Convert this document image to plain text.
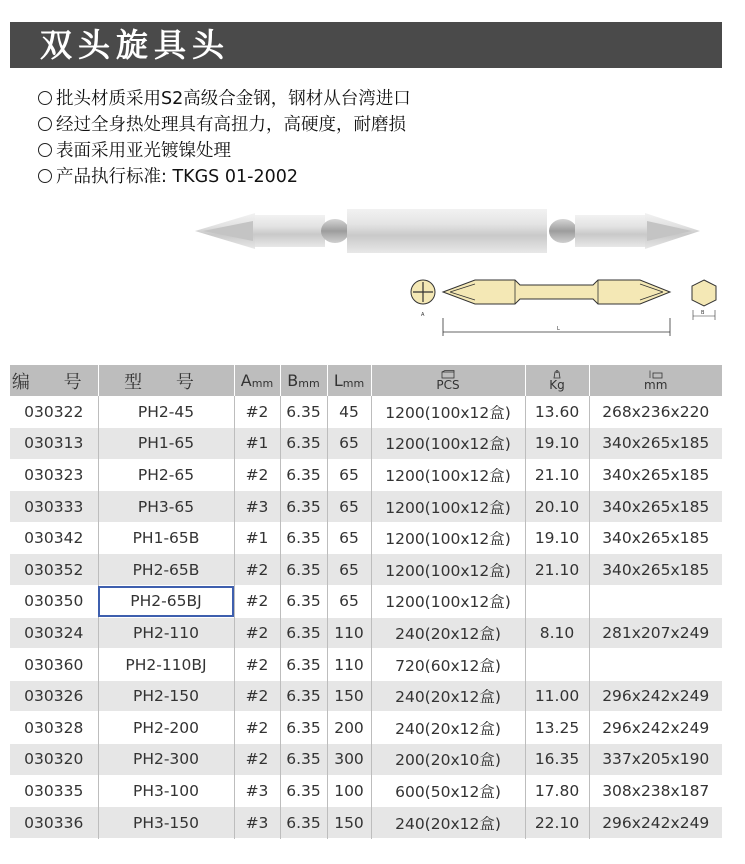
双头旋具头
批头材质采用S2高级合金钢，钢材从台湾进口
经过全身热处理具有高扭力，高硬度，耐磨损
表面采用亚光镀镍处理
产品执行标准: TKGS 01-2002
A
L
B
编 号	型 号	Amm	Bmm	Lmm	PCS	Kg	mm

030322	PH2-45	#2	6.35	45	1200(100x12盒)	13.60	268x236x220
030313	PH1-65	#1	6.35	65	1200(100x12盒)	19.10	340x265x185
030323	PH2-65	#2	6.35	65	1200(100x12盒)	21.10	340x265x185
030333	PH3-65	#3	6.35	65	1200(100x12盒)	20.10	340x265x185
030342	PH1-65B	#1	6.35	65	1200(100x12盒)	19.10	340x265x185
030352	PH2-65B	#2	6.35	65	1200(100x12盒)	21.10	340x265x185
030350	PH2-65BJ	#2	6.35	65	1200(100x12盒)		
030324	PH2-110	#2	6.35	110	240(20x12盒)	8.10	281x207x249
030360	PH2-110BJ	#2	6.35	110	720(60x12盒)		
030326	PH2-150	#2	6.35	150	240(20x12盒)	11.00	296x242x249
030328	PH2-200	#2	6.35	200	240(20x12盒)	13.25	296x242x249
030320	PH2-300	#2	6.35	300	200(20x10盒)	16.35	337x205x190
030335	PH3-100	#3	6.35	100	600(50x12盒)	17.80	308x238x187
030336	PH3-150	#3	6.35	150	240(20x12盒)	22.10	296x242x249
